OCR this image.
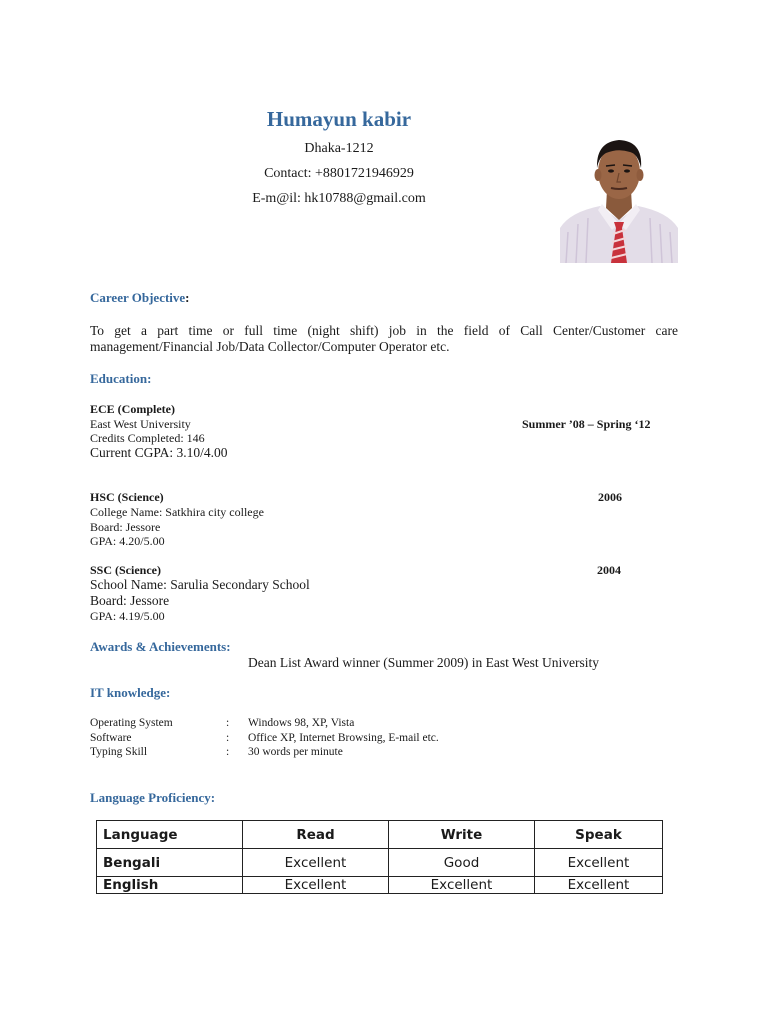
Humayun kabir
Dhaka-1212
Contact: +8801721946929
E-m@il: hk10788@gmail.com
Career Objective:
To get a part time or full time (night shift) job in the field of Call Center/Customer care management/Financial Job/Data Collector/Computer Operator etc.
Education:
ECE (Complete)
East West University
Credits Completed: 146
Current CGPA: 3.10/4.00
Summer ’08 – Spring ‘12
HSC (Science)
College Name: Satkhira city college
Board: Jessore
GPA: 4.20/5.00
2006
SSC (Science)
School Name: Sarulia Secondary School
Board: Jessore
GPA: 4.19/5.00
2004
Awards & Achievements:
Dean List Award winner (Summer 2009) in East West University
IT knowledge:
Operating System	: Windows 98, XP, Vista
Software	: Office XP, Internet Browsing, E-mail etc.
Typing Skill	: 30 words per minute
Language Proficiency:
Language	Read	Write	Speak
Bengali	Excellent	Good	Excellent
English	Excellent	Excellent	Excellent
